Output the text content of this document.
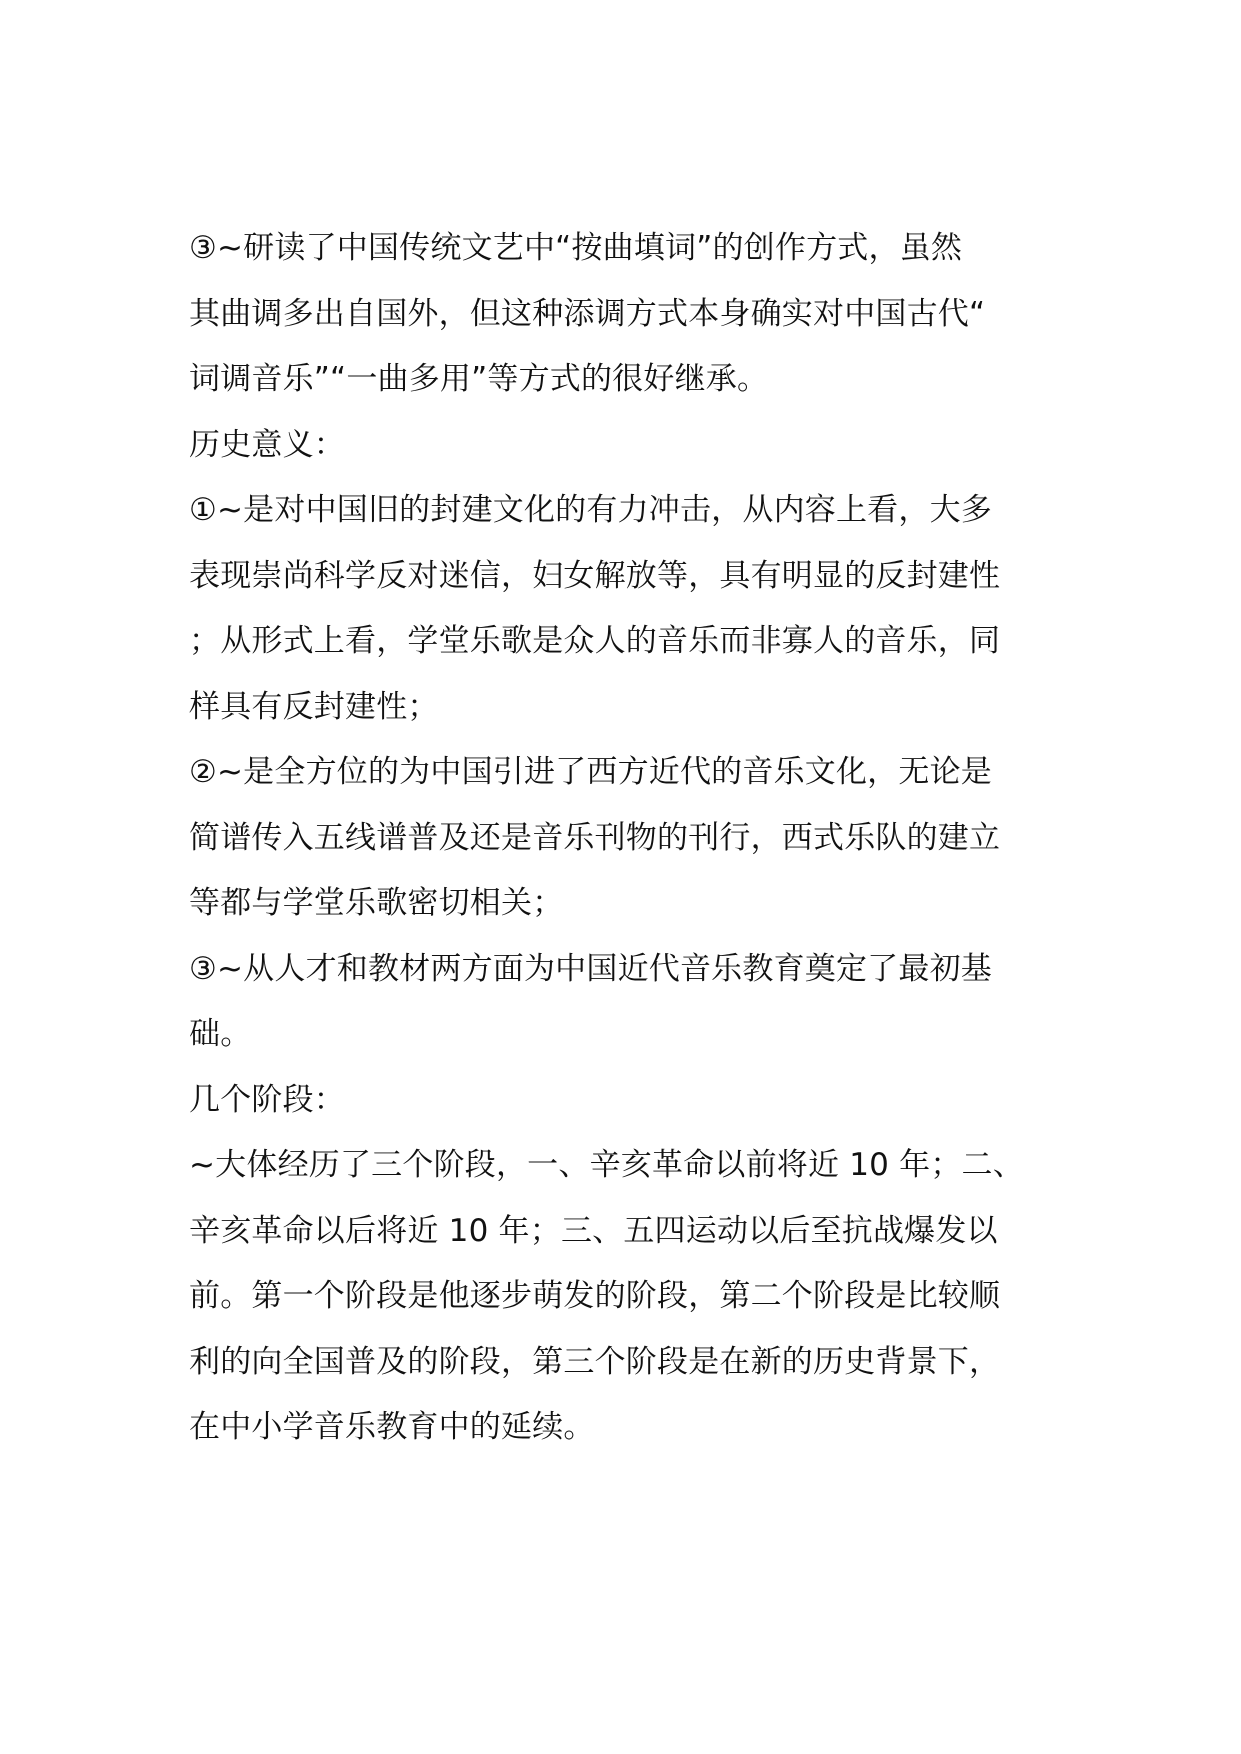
③~研读了中国传统文艺中“按曲填词”的创作方式，虽然
其曲调多出自国外，但这种添调方式本身确实对中国古代“
词调音乐”“一曲多用”等方式的很好继承。
历史意义：
①~是对中国旧的封建文化的有力冲击，从内容上看，大多
表现崇尚科学反对迷信，妇女解放等，具有明显的反封建性
；从形式上看，学堂乐歌是众人的音乐而非寡人的音乐，同
样具有反封建性；
②~是全方位的为中国引进了西方近代的音乐文化，无论是
简谱传入五线谱普及还是音乐刊物的刊行，西式乐队的建立
等都与学堂乐歌密切相关；
③~从人才和教材两方面为中国近代音乐教育奠定了最初基
础。
几个阶段：
~大体经历了三个阶段，一、辛亥革命以前将近 10 年；二、
辛亥革命以后将近 10 年；三、五四运动以后至抗战爆发以
前。第一个阶段是他逐步萌发的阶段，第二个阶段是比较顺
利的向全国普及的阶段，第三个阶段是在新的历史背景下，
在中小学音乐教育中的延续。
